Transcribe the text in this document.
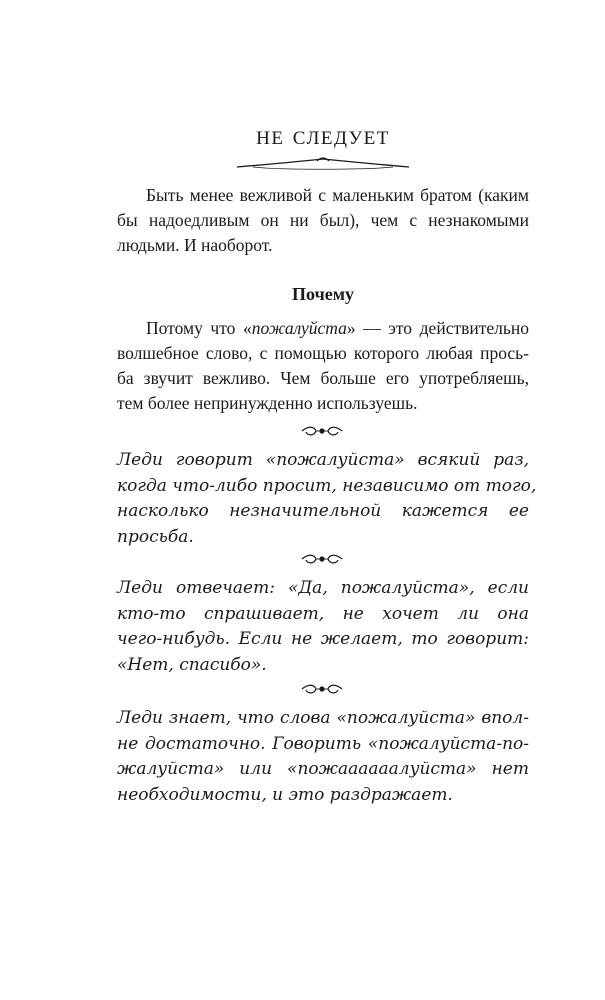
НЕ СЛЕДУЕТ

Быть менее вежливой с маленьким братом (каким
бы надоедливым он ни был), чем с незнакомыми
людьми. И наоборот.

Почему

Потому что «пожалуйста» — это действительно
волшебное слово, с помощью которого любая прось-
ба звучит вежливо. Чем больше его употребляешь,
тем более непринужденно используешь.

Леди говорит «пожалуйста» всякий раз,
когда что-либо просит, независимо от того,
насколько незначительной кажется ее
просьба.

Леди отвечает: «Да, пожалуйста», если
кто-то спрашивает, не хочет ли она
чего-нибудь. Если не желает, то говорит:
«Нет, спасибо».

Леди знает, что слова «пожалуйста» впол-
не достаточно. Говорить «пожалуйста-по-
жалуйста» или «пожаааааалуйста» нет
необходимости, и это раздражает.
